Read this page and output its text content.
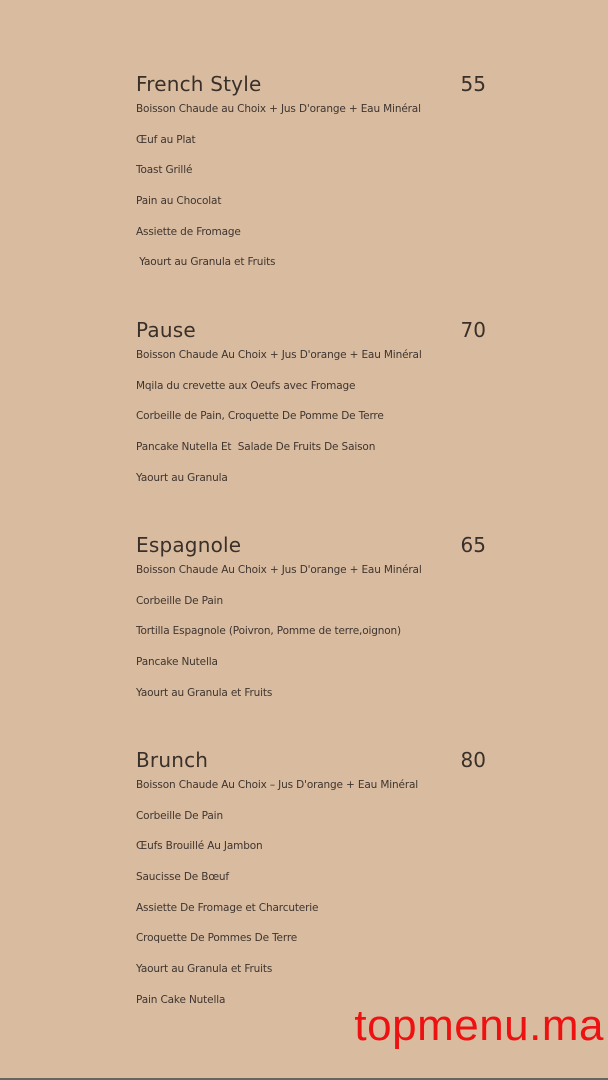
French Style	55
Boisson Chaude au Choix + Jus D'orange + Eau Minéral
Œuf au Plat
Toast Grillé
Pain au Chocolat
Assiette de Fromage
Yaourt au Granula et Fruits
Pause	70
Boisson Chaude Au Choix + Jus D'orange + Eau Minéral
Mqila du crevette aux Oeufs avec Fromage
Corbeille de Pain, Croquette De Pomme De Terre
Pancake Nutella Et  Salade De Fruits De Saison
Yaourt au Granula
Espagnole	65
Boisson Chaude Au Choix + Jus D'orange + Eau Minéral
Corbeille De Pain
Tortilla Espagnole (Poivron, Pomme de terre,oignon)
Pancake Nutella
Yaourt au Granula et Fruits
Brunch	80
Boisson Chaude Au Choix – Jus D'orange + Eau Minéral
Corbeille De Pain
Œufs Brouillé Au Jambon
Saucisse De Bœuf
Assiette De Fromage et Charcuterie
Croquette De Pommes De Terre
Yaourt au Granula et Fruits
Pain Cake Nutella
topmenu.ma
